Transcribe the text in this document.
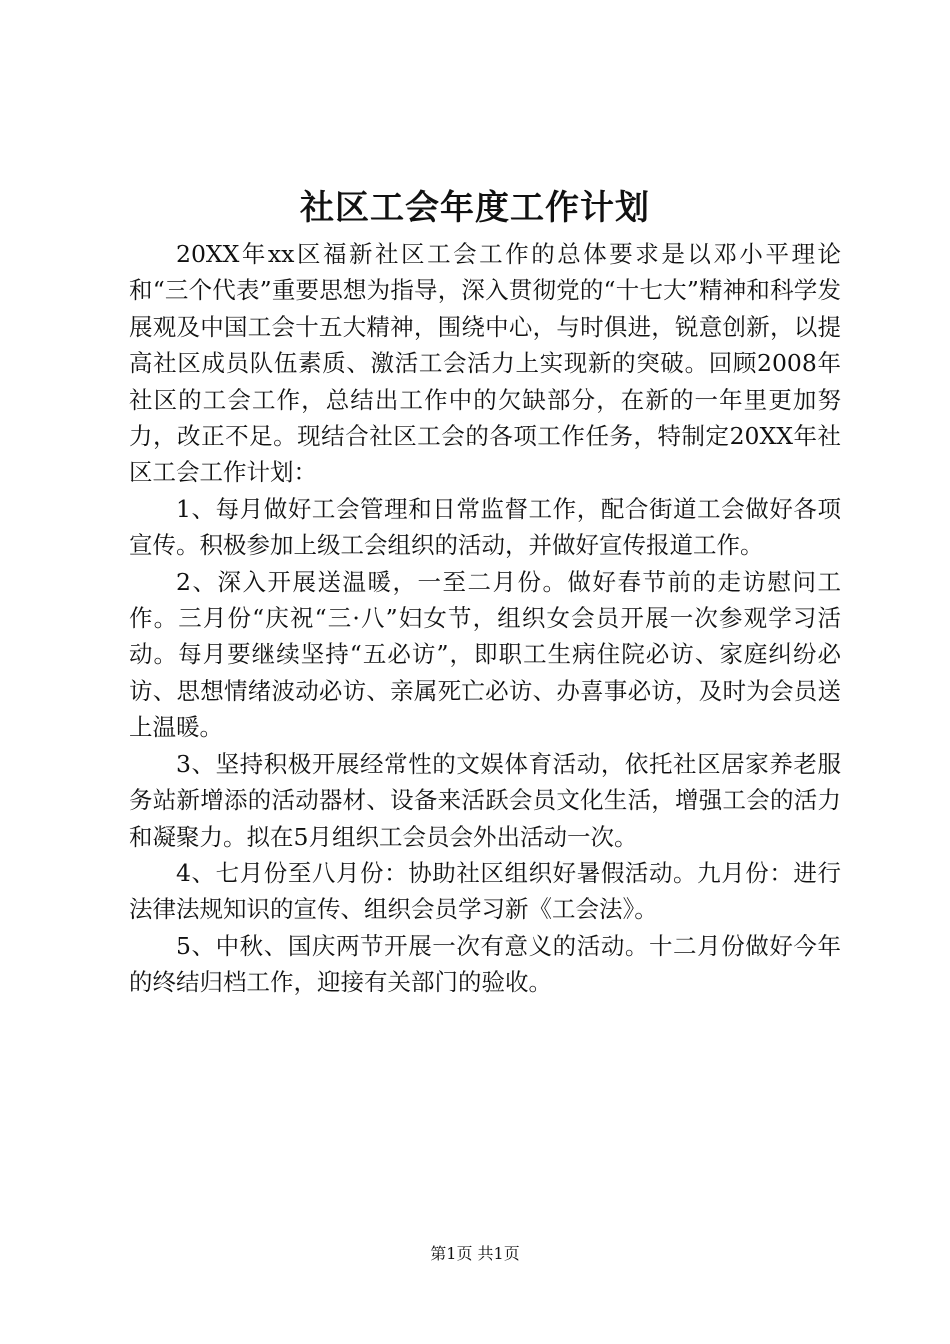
社区工会年度工作计划

20XX年xx区福新社区工会工作的总体要求是以邓小平理论和“三个代表”重要思想为指导，深入贯彻党的“十七大”精神和科学发展观及中国工会十五大精神，围绕中心，与时俱进，锐意创新，以提高社区成员队伍素质、激活工会活力上实现新的突破。回顾2008年社区的工会工作，总结出工作中的欠缺部分，在新的一年里更加努力，改正不足。现结合社区工会的各项工作任务，特制定20XX年社区工会工作计划：

1、每月做好工会管理和日常监督工作，配合街道工会做好各项宣传。积极参加上级工会组织的活动，并做好宣传报道工作。

2、深入开展送温暖，一至二月份。做好春节前的走访慰问工作。三月份“庆祝“三·八”妇女节，组织女会员开展一次参观学习活动。每月要继续坚持“五必访”，即职工生病住院必访、家庭纠纷必访、思想情绪波动必访、亲属死亡必访、办喜事必访，及时为会员送上温暖。

3、坚持积极开展经常性的文娱体育活动，依托社区居家养老服务站新增添的活动器材、设备来活跃会员文化生活，增强工会的活力和凝聚力。拟在5月组织工会员会外出活动一次。

4、七月份至八月份：协助社区组织好暑假活动。九月份：进行法律法规知识的宣传、组织会员学习新《工会法》。

5、中秋、国庆两节开展一次有意义的活动。十二月份做好今年的终结归档工作，迎接有关部门的验收。

第1页 共1页
